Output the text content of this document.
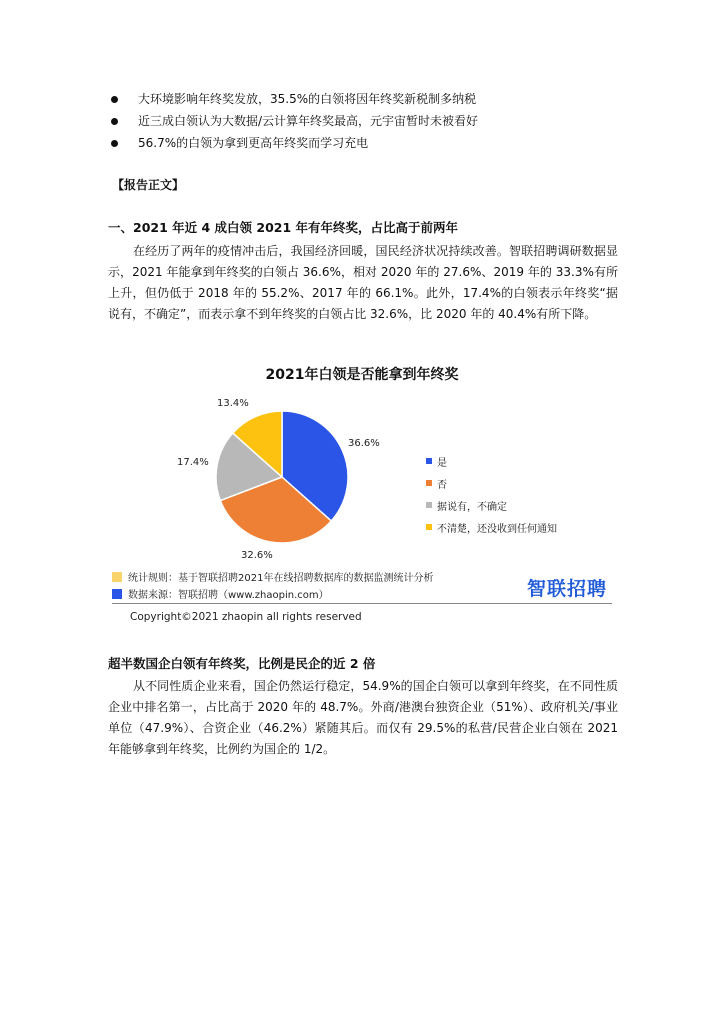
大环境影响年终奖发放，35.5%的白领将因年终奖新税制多纳税
近三成白领认为大数据/云计算年终奖最高，元宇宙暂时未被看好
56.7%的白领为拿到更高年终奖而学习充电
【报告正文】
一、2021 年近 4 成白领 2021 年有年终奖，占比高于前两年
在经历了两年的疫情冲击后，我国经济回暖，国民经济状况持续改善。智联招聘调研数据显示，2021 年能拿到年终奖的白领占 36.6%，相对 2020 年的 27.6%、2019 年的 33.3%有所上升，但仍低于 2018 年的 55.2%、2017 年的 66.1%。此外，17.4%的白领表示年终奖“据说有，不确定”，而表示拿不到年终奖的白领占比 32.6%，比 2020 年的 40.4%有所下降。
2021年白领是否能拿到年终奖
36.6%
32.6%
17.4%
13.4%
是
否
据说有，不确定
不清楚，还没收到任何通知
统计规则：基于智联招聘2021年在线招聘数据库的数据监测统计分析
数据来源：智联招聘（www.zhaopin.com）	智联招聘
Copyright©2021 zhaopin all rights reserved
超半数国企白领有年终奖，比例是民企的近 2 倍
从不同性质企业来看，国企仍然运行稳定，54.9%的国企白领可以拿到年终奖，在不同性质企业中排名第一，占比高于 2020 年的 48.7%。外商/港澳台独资企业（51%）、政府机关/事业单位（47.9%）、合资企业（46.2%）紧随其后。而仅有 29.5%的私营/民营企业白领在 2021 年能够拿到年终奖，比例约为国企的 1/2。
